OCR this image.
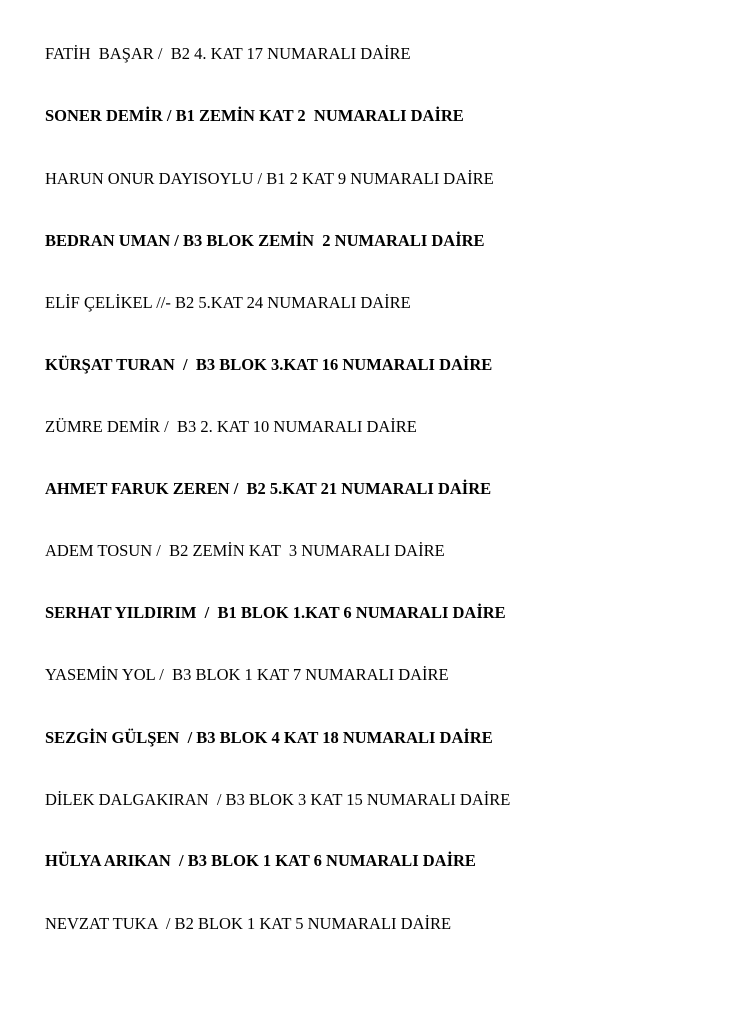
FATİH  BAŞAR /  B2 4. KAT 17 NUMARALI DAİRE
SONER DEMİR / B1 ZEMİN KAT 2  NUMARALI DAİRE
HARUN ONUR DAYISOYLU / B1 2 KAT 9 NUMARALI DAİRE
BEDRAN UMAN / B3 BLOK ZEMİN  2 NUMARALI DAİRE
ELİF ÇELİKEL //- B2 5.KAT 24 NUMARALI DAİRE
KÜRŞAT TURAN  /  B3 BLOK 3.KAT 16 NUMARALI DAİRE
ZÜMRE DEMİR /  B3 2. KAT 10 NUMARALI DAİRE
AHMET FARUK ZEREN /  B2 5.KAT 21 NUMARALI DAİRE
ADEM TOSUN /  B2 ZEMİN KAT  3 NUMARALI DAİRE
SERHAT YILDIRIM  /  B1 BLOK 1.KAT 6 NUMARALI DAİRE
YASEMİN YOL /  B3 BLOK 1 KAT 7 NUMARALI DAİRE
SEZGİN GÜLŞEN  / B3 BLOK 4 KAT 18 NUMARALI DAİRE
DİLEK DALGAKIRAN  / B3 BLOK 3 KAT 15 NUMARALI DAİRE
HÜLYA ARIKAN  / B3 BLOK 1 KAT 6 NUMARALI DAİRE
NEVZAT TUKA  / B2 BLOK 1 KAT 5 NUMARALI DAİRE
